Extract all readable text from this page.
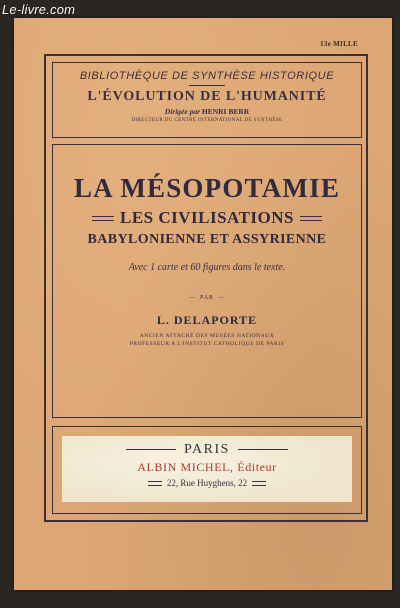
Le-livre.com
13e MILLE
BIBLIOTHÈQUE DE SYNTHÈSE HISTORIQUE
L'ÉVOLUTION DE L'HUMANITÉ
Dirigée par HENRI BERR
DIRECTEUR DU CENTRE INTERNATIONAL DE SYNTHÈSE
LA MÉSOPOTAMIE
LES CIVILISATIONS
BABYLONIENNE ET ASSYRIENNE
Avec 1 carte et 60 figures dans le texte.
— PAR —
L. DELAPORTE
ANCIEN ATTACHÉ DES MUSÉES NATIONAUX
PROFESSEUR A L'INSTITUT CATHOLIQUE DE PARIS
PARIS
ALBIN MICHEL, Éditeur
22, Rue Huyghens, 22
